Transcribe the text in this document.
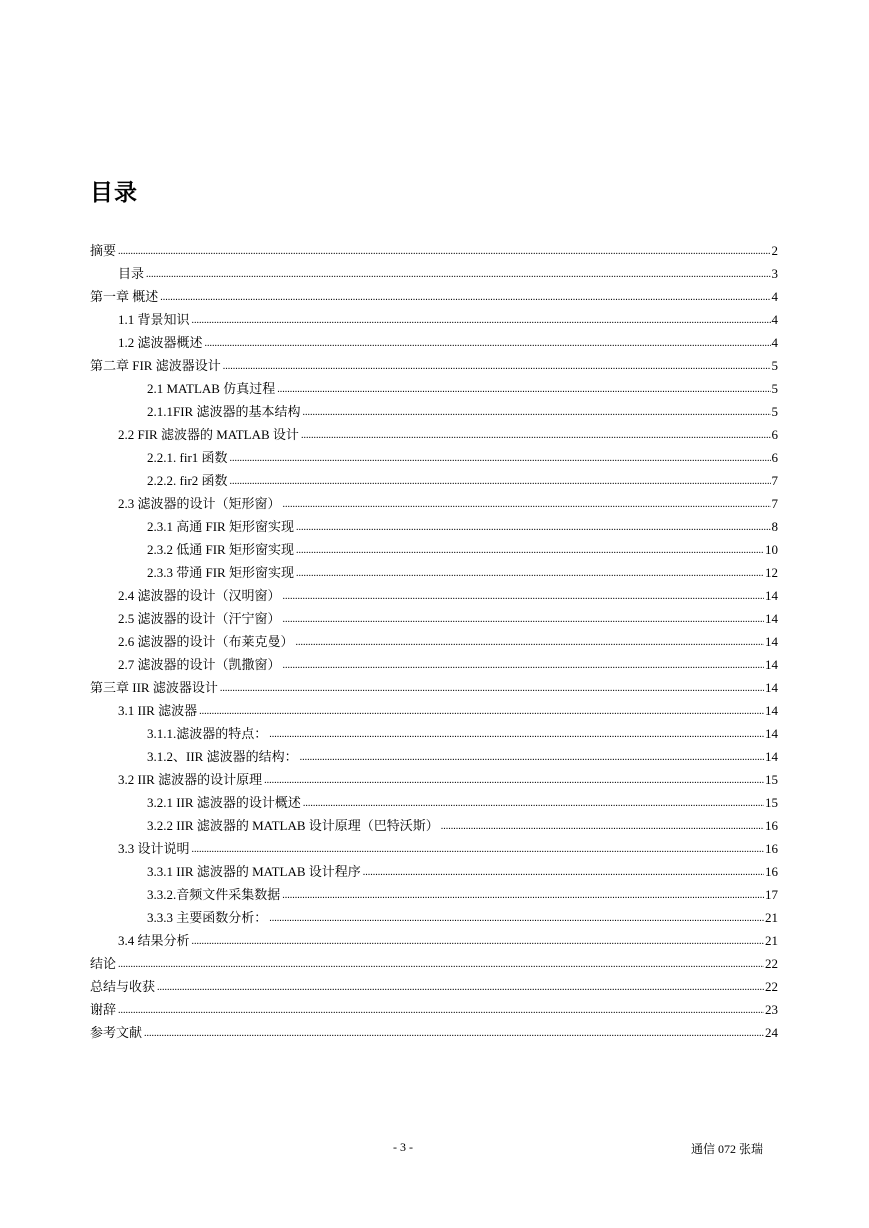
目录
摘要 .....	2
目录 .....	3
第一章 概述 .....	4
1.1 背景知识 .....	4
1.2 滤波器概述 .....	4
第二章 FIR 滤波器设计 .....	5
2.1 MATLAB 仿真过程 .....	5
2.1.1FIR 滤波器的基本结构 .....	5
2.2 FIR 滤波器的 MATLAB 设计 .....	6
2.2.1. fir1 函数 .....	6
2.2.2. fir2 函数 .....	7
2.3 滤波器的设计（矩形窗） .....	7
2.3.1 高通 FIR 矩形窗实现 .....	8
2.3.2 低通 FIR 矩形窗实现 .....	10
2.3.3 带通 FIR 矩形窗实现 .....	12
2.4 滤波器的设计（汉明窗） .....	14
2.5 滤波器的设计（汗宁窗） .....	14
2.6 滤波器的设计（布莱克曼） .....	14
2.7 滤波器的设计（凯撒窗） .....	14
第三章 IIR 滤波器设计 .....	14
3.1 IIR 滤波器 .....	14
3.1.1.滤波器的特点： .....	14
3.1.2、IIR 滤波器的结构： .....	14
3.2 IIR 滤波器的设计原理 .....	15
3.2.1 IIR 滤波器的设计概述 .....	15
3.2.2 IIR 滤波器的 MATLAB 设计原理（巴特沃斯） .....	16
3.3 设计说明 .....	16
3.3.1 IIR 滤波器的 MATLAB 设计程序 .....	16
3.3.2.音频文件采集数据 .....	17
3.3.3 主要函数分析： .....	21
3.4 结果分析 .....	21
结论 .....	22
总结与收获 .....	22
谢辞 .....	23
参考文献 .....	24
- 3 -	通信 072 张瑞
